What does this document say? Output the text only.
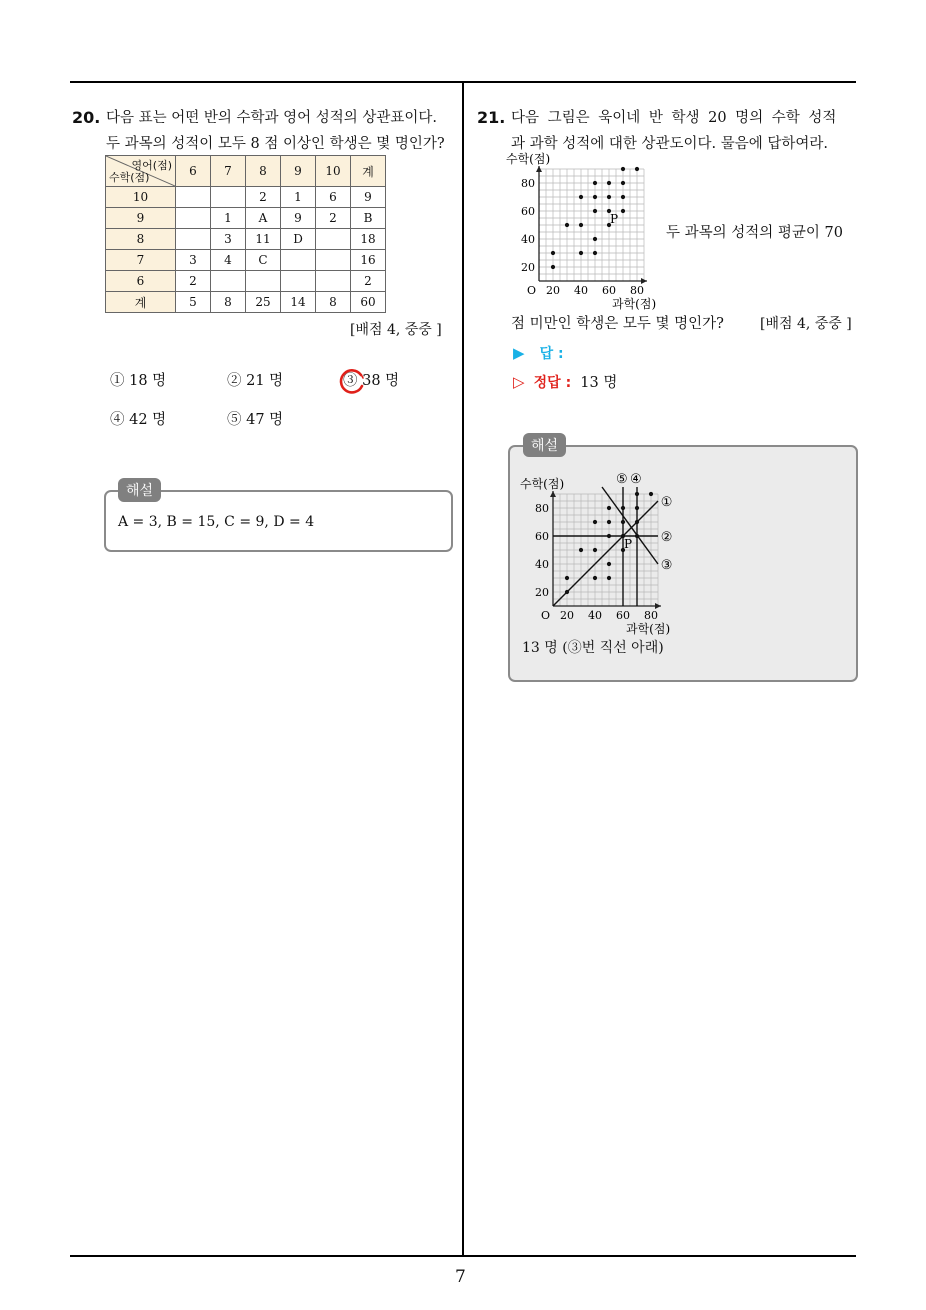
7
20. 다음 표는 어떤 반의 수학과 영어 성적의 상관표이다.
두 과목의 성적이 모두 8 점 이상인 학생은 몇 명인가?
영어(점)
수학(점)	6	7	8	9	10	계
10			2	1	6	9
9		1	A	9	2	B
8		3	11	D		18
7	3	4	C			16
6	2					2
계	5	8	25	14	8	60
[배점 4, 중중 ]
① 18 명	② 21 명	③ 38 명
④ 42 명	⑤ 47 명
해설
A = 3, B = 15, C = 9, D = 4
21. 다음 그림은 욱이네 반 학생 20 명의 수학 성적
과 과학 성적에 대한 상관도이다. 물음에 답하여라.
20 40 60 80
20
40
60
80
O
과학(점)
수학(점)
P
두 과목의 성적의 평균이 70
점 미만인 학생은 모두 몇 명인가?	[배점 4, 중중 ]
▶ 답 :
▷ 정답 : 13 명
해설
20 40 60 80
20
40
60
80
O
과학(점)
수학(점)
①
②
③
④
⑤
P
13 명 (③번 직선 아래)
